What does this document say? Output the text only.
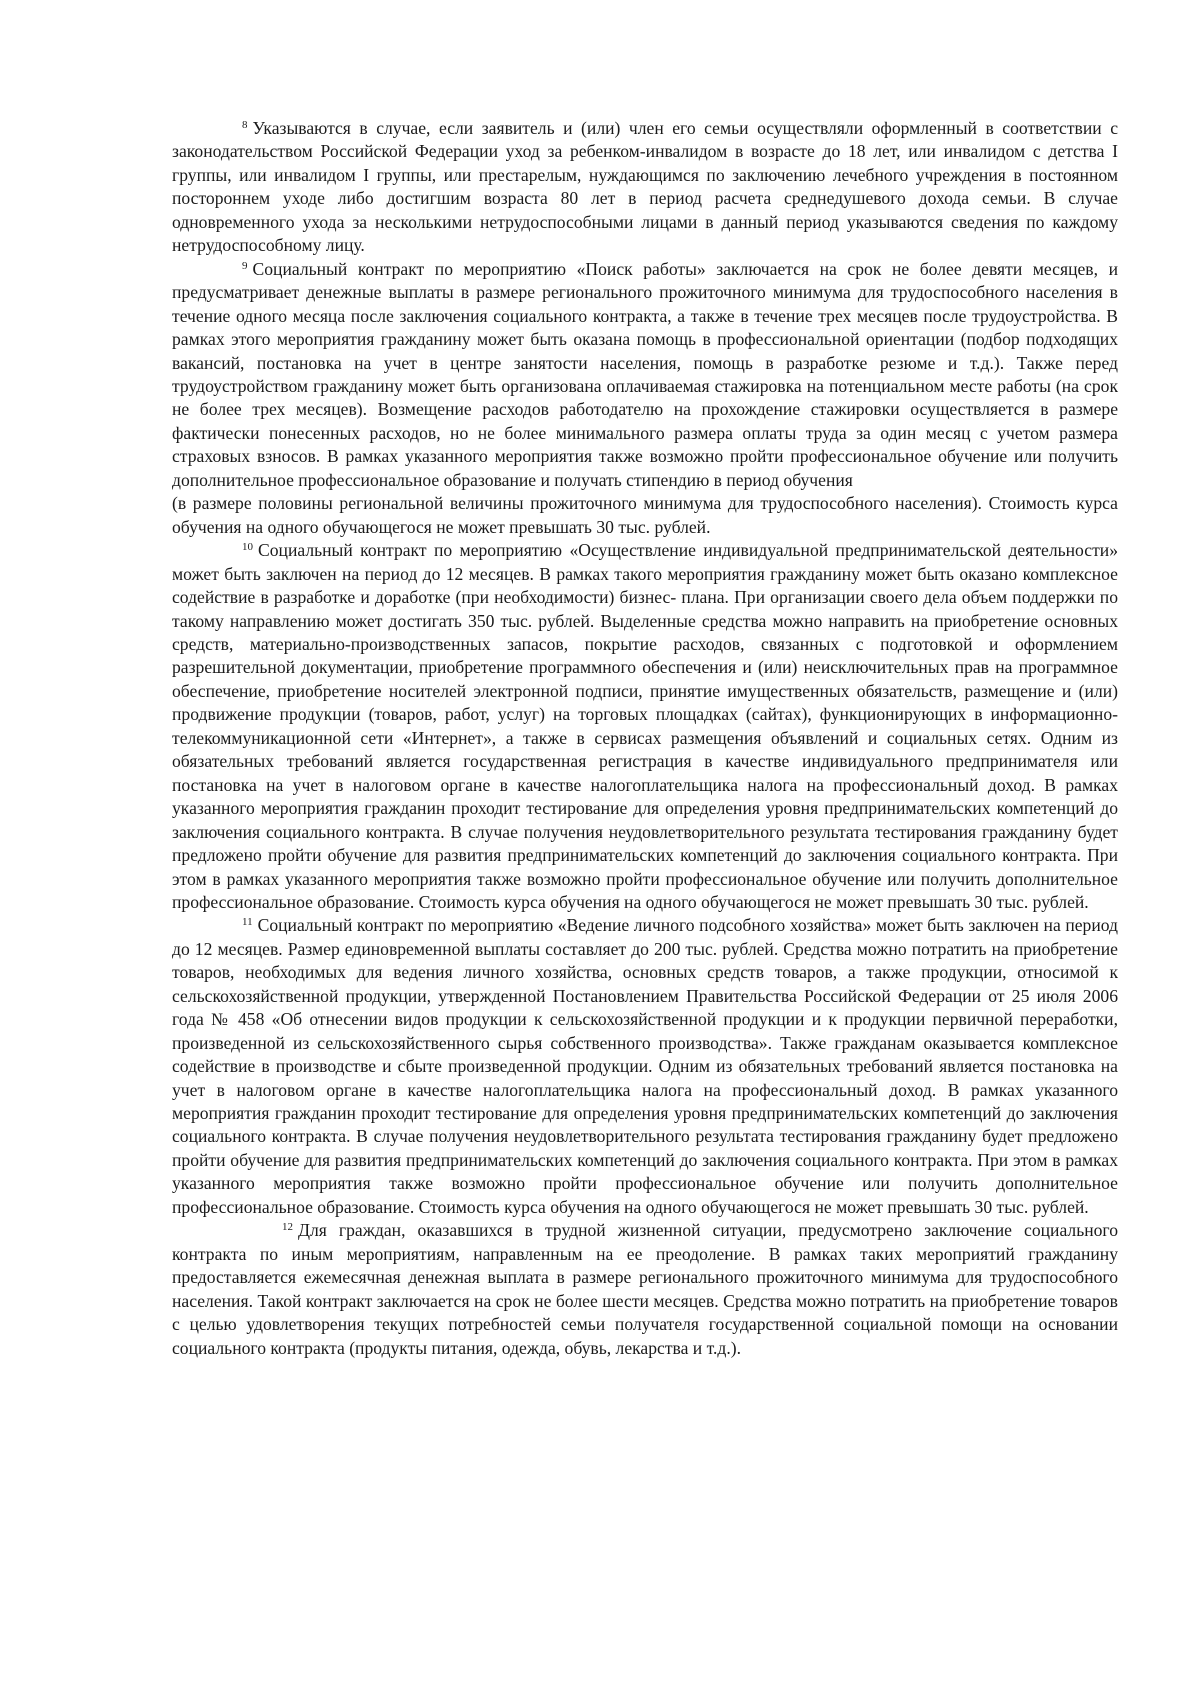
$^8$ Указываются в случае, если заявитель и (или) член его семьи осуществляли оформленный в соответствии с законодательством Российской Федерации уход за ребенком-инвалидом в возрасте до 18 лет, или инвалидом с детства I группы, или инвалидом I группы, или престарелым, нуждающимся по заключению лечебного учреждения в постоянном постороннем уходе либо достигшим возраста 80 лет в период расчета среднедушевого дохода семьи. В случае одновременного ухода за несколькими нетрудоспособными лицами в данный период указываются сведения по каждому нетрудоспособному лицу.

$^9$ Социальный контракт по мероприятию «Поиск работы» заключается на срок не более девяти месяцев, и предусматривает денежные выплаты в размере регионального прожиточного минимума для трудоспособного населения в течение одного месяца после заключения социального контракта, а также в течение трех месяцев после трудоустройства. В рамках этого мероприятия гражданину может быть оказана помощь в профессиональной ориентации (подбор подходящих вакансий, постановка на учет в центре занятости населения, помощь в разработке резюме и т.д.). Также перед трудоустройством гражданину может быть организована оплачиваемая стажировка на потенциальном месте работы (на срок не более трех месяцев). Возмещение расходов работодателю на прохождение стажировки осуществляется в размере фактически понесенных расходов, но не более минимального размера оплаты труда за один месяц с учетом размера страховых взносов. В рамках указанного мероприятия также возможно пройти профессиональное обучение или получить дополнительное профессиональное образование и получать стипендию в период обучения

(в размере половины региональной величины прожиточного минимума для трудоспособного населения). Стоимость курса обучения на одного обучающегося не может превышать 30 тыс. рублей.

$^{10}$ Социальный контракт по мероприятию «Осуществление индивидуальной предпринимательской деятельности» может быть заключен на период до 12 месяцев. В рамках такого мероприятия гражданину может быть оказано комплексное содействие в разработке и доработке (при необходимости) бизнес- плана. При организации своего дела объем поддержки по такому направлению может достигать 350 тыс. рублей. Выделенные средства можно направить на приобретение основных средств, материально-производственных запасов, покрытие расходов, связанных с подготовкой и оформлением разрешительной документации, приобретение программного обеспечения и (или) неисключительных прав на программное обеспечение, приобретение носителей электронной подписи, принятие имущественных обязательств, размещение и (или) продвижение продукции (товаров, работ, услуг) на торговых площадках (сайтах), функционирующих в информационно-телекоммуникационной сети «Интернет», а также в сервисах размещения объявлений и социальных сетях. Одним из обязательных требований является государственная регистрация в качестве индивидуального предпринимателя или постановка на учет в налоговом органе в качестве налогоплательщика налога на профессиональный доход. В рамках указанного мероприятия гражданин проходит тестирование для определения уровня предпринимательских компетенций до заключения социального контракта. В случае получения неудовлетворительного результата тестирования гражданину будет предложено пройти обучение для развития предпринимательских компетенций до заключения социального контракта. При этом в рамках указанного мероприятия также возможно пройти профессиональное обучение или получить дополнительное профессиональное образование. Стоимость курса обучения на одного обучающегося не может превышать 30 тыс. рублей.

$^{11}$ Социальный контракт по мероприятию «Ведение личного подсобного хозяйства» может быть заключен на период до 12 месяцев. Размер единовременной выплаты составляет до 200 тыс. рублей. Средства можно потратить на приобретение товаров, необходимых для ведения личного хозяйства, основных средств товаров, а также продукции, относимой к сельскохозяйственной продукции, утвержденной Постановлением Правительства Российской Федерации от 25 июля 2006 года № 458 «Об отнесении видов продукции к сельскохозяйственной продукции и к продукции первичной переработки, произведенной из сельскохозяйственного сырья собственного производства». Также гражданам оказывается комплексное содействие в производстве и сбыте произведенной продукции. Одним из обязательных требований является постановка на учет в налоговом органе в качестве налогоплательщика налога на профессиональный доход. В рамках указанного мероприятия гражданин проходит тестирование для определения уровня предпринимательских компетенций до заключения социального контракта. В случае получения неудовлетворительного результата тестирования гражданину будет предложено пройти обучение для развития предпринимательских компетенций до заключения социального контракта. При этом в рамках указанного мероприятия также возможно пройти профессиональное обучение или получить дополнительное профессиональное образование. Стоимость курса обучения на одного обучающегося не может превышать 30 тыс. рублей.

$^{12}$ Для граждан, оказавшихся в трудной жизненной ситуации, предусмотрено заключение социального контракта по иным мероприятиям, направленным на ее преодоление. В рамках таких мероприятий гражданину предоставляется ежемесячная денежная выплата в размере регионального прожиточного минимума для трудоспособного населения. Такой контракт заключается на срок не более шести месяцев. Средства можно потратить на приобретение товаров с целью удовлетворения текущих потребностей семьи получателя государственной социальной помощи на основании социального контракта (продукты питания, одежда, обувь, лекарства и т.д.).
